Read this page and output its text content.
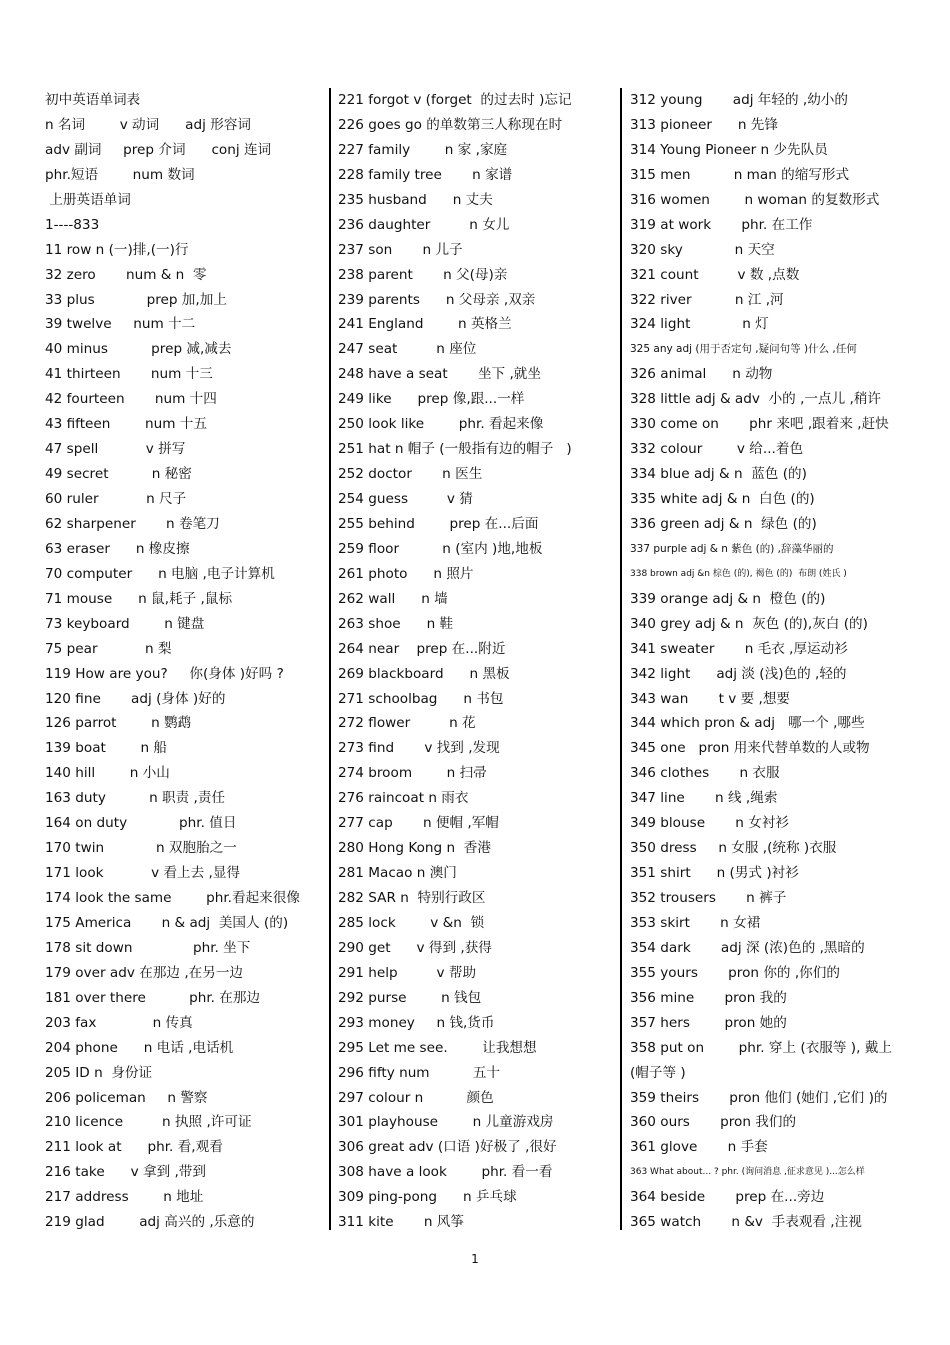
初中英语单词表
n 名词        v 动词      adj 形容词
adv 副词     prep 介词      conj 连词
phr.短语        num 数词
上册英语单词
1----833
11 row n (一)排,(一)行
32 zero       num & n  零
33 plus            prep 加,加上
39 twelve     num 十二
40 minus          prep 减,减去
41 thirteen       num 十三
42 fourteen       num 十四
43 fifteen        num 十五
47 spell           v 拼写
49 secret          n 秘密
60 ruler           n 尺子
62 sharpener       n 卷笔刀
63 eraser      n 橡皮擦
70 computer      n 电脑 ,电子计算机
71 mouse      n 鼠,耗子 ,鼠标
73 keyboard        n 键盘
75 pear           n 梨
119 How are you?     你(身体 )好吗 ?
120 fine       adj (身体 )好的
126 parrot        n 鹦鹉
139 boat        n 船
140 hill        n 小山
163 duty          n 职责 ,责任
164 on duty            phr. 值日
170 twin            n 双胞胎之一
171 look           v 看上去 ,显得
174 look the same        phr.看起来很像
175 America       n & adj  美国人 (的)
178 sit down              phr. 坐下
179 over adv 在那边 ,在另一边
181 over there          phr. 在那边
203 fax             n 传真
204 phone      n 电话 ,电话机
205 ID n  身份证
206 policeman     n 警察
210 licence         n 执照 ,许可证
211 look at      phr. 看,观看
216 take      v 拿到 ,带到
217 address        n 地址
219 glad        adj 高兴的 ,乐意的
221 forgot v (forget  的过去时 )忘记
226 goes go 的单数第三人称现在时
227 family        n 家 ,家庭
228 family tree       n 家谱
235 husband      n 丈夫
236 daughter         n 女儿
237 son       n 儿子
238 parent       n 父(母)亲
239 parents      n 父母亲 ,双亲
241 England        n 英格兰
247 seat         n 座位
248 have a seat       坐下 ,就坐
249 like      prep 像,跟...一样
250 look like        phr. 看起来像
251 hat n 帽子 (一般指有边的帽子   )
252 doctor       n 医生
254 guess         v 猜
255 behind        prep 在...后面
259 floor          n (室内 )地,地板
261 photo      n 照片
262 wall      n 墙
263 shoe      n 鞋
264 near    prep 在...附近
269 blackboard      n 黑板
271 schoolbag      n 书包
272 flower         n 花
273 find       v 找到 ,发现
274 broom        n 扫帚
276 raincoat n 雨衣
277 cap       n 便帽 ,军帽
280 Hong Kong n  香港
281 Macao n 澳门
282 SAR n  特别行政区
285 lock        v &n  锁
290 get      v 得到 ,获得
291 help         v 帮助
292 purse        n 钱包
293 money     n 钱,货币
295 Let me see.        让我想想
296 fifty num          五十
297 colour n          颜色
301 playhouse        n 儿童游戏房
306 great adv (口语 )好极了 ,很好
308 have a look        phr. 看一看
309 ping-pong      n 乒乓球
311 kite       n 风筝
312 young       adj 年轻的 ,幼小的
313 pioneer      n 先锋
314 Young Pioneer n 少先队员
315 men          n man 的缩写形式
316 women        n woman 的复数形式
319 at work       phr. 在工作
320 sky            n 天空
321 count         v 数 ,点数
322 river          n 江 ,河
324 light            n 灯
325 any adj (用于否定句 ,疑问句等 )什么 ,任何
326 animal      n 动物
328 little adj & adv  小的 ,一点儿 ,稍许
330 come on       phr 来吧 ,跟着来 ,赶快
332 colour        v 给...着色
334 blue adj & n  蓝色 (的)
335 white adj & n  白色 (的)
336 green adj & n  绿色 (的)
337 purple adj & n 紫色 (的) ,辞藻华丽的
338 brown adj &n 棕色 (的), 褐色 (的)  布朗 (姓氏 )
339 orange adj & n  橙色 (的)
340 grey adj & n  灰色 (的),灰白 (的)
341 sweater       n 毛衣 ,厚运动衫
342 light      adj 淡 (浅)色的 ,轻的
343 wan       t v 要 ,想要
344 which pron & adj   哪一个 ,哪些
345 one   pron 用来代替单数的人或物
346 clothes       n 衣服
347 line       n 线 ,绳索
349 blouse       n 女衬衫
350 dress     n 女服 ,(统称 )衣服
351 shirt      n (男式 )衬衫
352 trousers       n 裤子
353 skirt       n 女裙
354 dark       adj 深 (浓)色的 ,黑暗的
355 yours       pron 你的 ,你们的
356 mine       pron 我的
357 hers        pron 她的
358 put on        phr. 穿上 (衣服等 ), 戴上
(帽子等 )
359 theirs       pron 他们 (她们 ,它们 )的
360 ours       pron 我们的
361 glove       n 手套
363 What about... ? phr. (询问消息 ,征求意见 )...怎么样
364 beside       prep 在...旁边
365 watch       n &v  手表观看 ,注视
1
